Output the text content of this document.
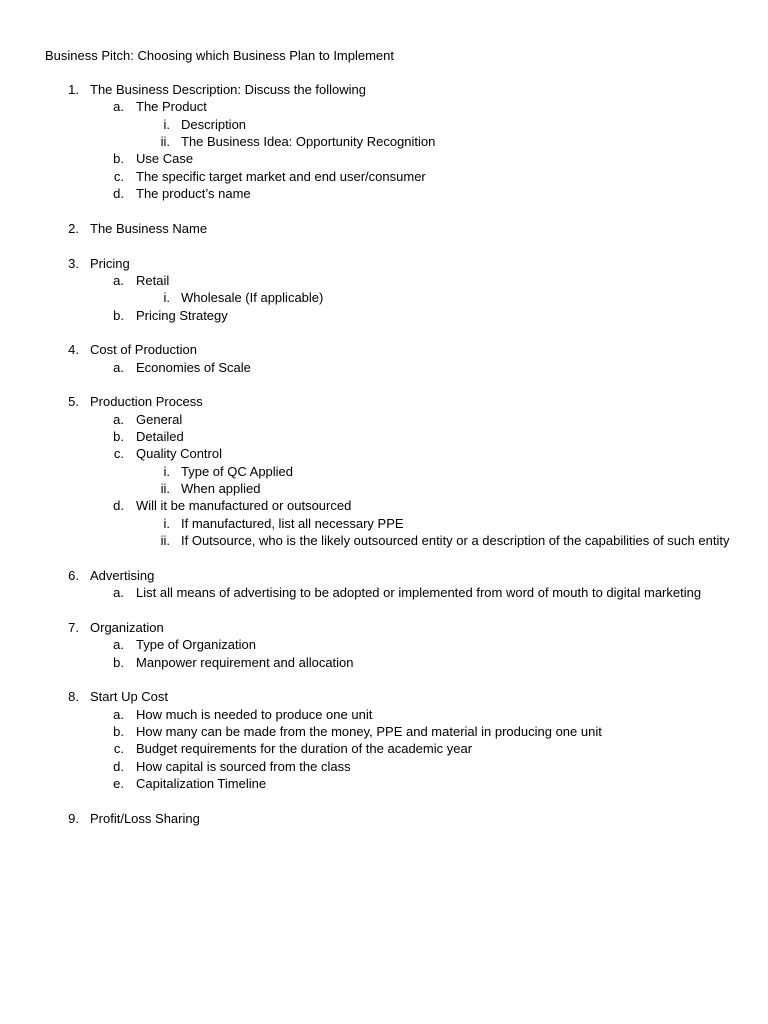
Business Pitch: Choosing which Business Plan to Implement
1. The Business Description: Discuss the following
a. The Product
i. Description
ii. The Business Idea: Opportunity Recognition
b. Use Case
c. The specific target market and end user/consumer
d. The product’s name
2. The Business Name
3. Pricing
a. Retail
i. Wholesale (If applicable)
b. Pricing Strategy
4. Cost of Production
a. Economies of Scale
5. Production Process
a. General
b. Detailed
c. Quality Control
i. Type of QC Applied
ii. When applied
d. Will it be manufactured or outsourced
i. If manufactured, list all necessary PPE
ii. If Outsource, who is the likely outsourced entity or a description of the capabilities of such entity
6. Advertising
a. List all means of advertising to be adopted or implemented from word of mouth to digital marketing
7. Organization
a. Type of Organization
b. Manpower requirement and allocation
8. Start Up Cost
a. How much is needed to produce one unit
b. How many can be made from the money, PPE and material in producing one unit
c. Budget requirements for the duration of the academic year
d. How capital is sourced from the class
e. Capitalization Timeline
9. Profit/Loss Sharing
